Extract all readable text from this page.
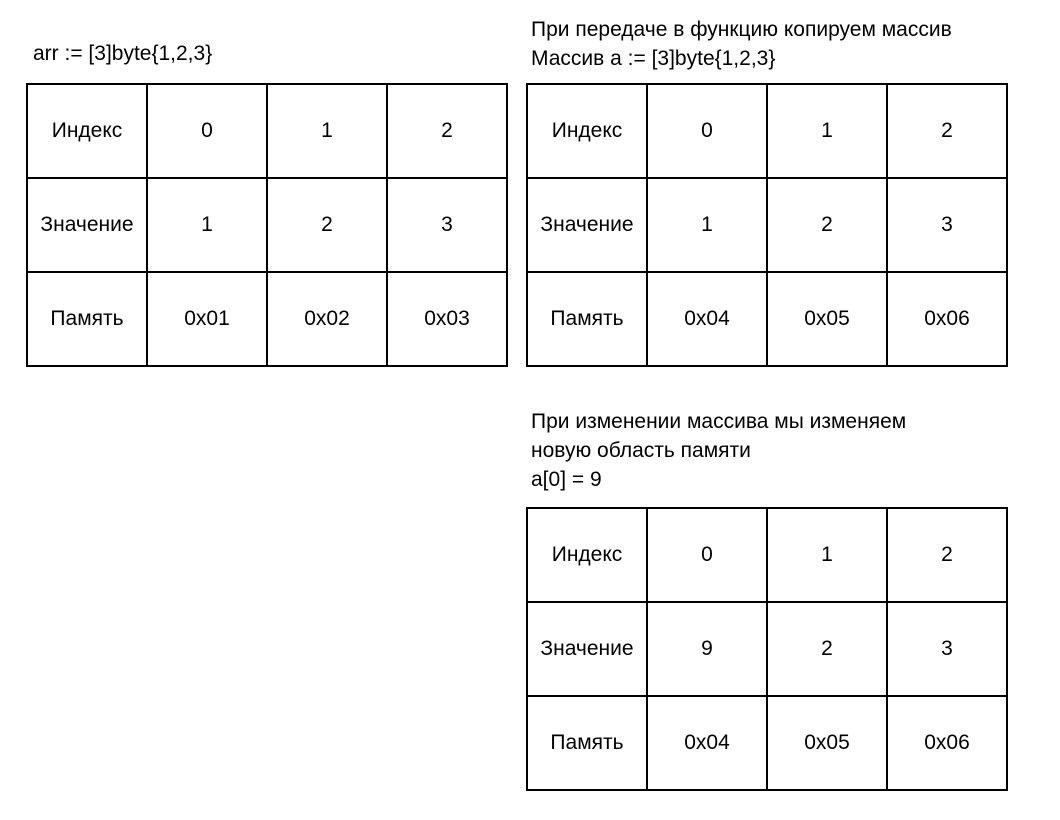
arr := [3]byte{1,2,3}
Индекс	0	1	2
Значение	1	2	3
Память	0x01	0x02	0x03
При передаче в функцию копируем массив
Массив a := [3]byte{1,2,3}
Индекс	0	1	2
Значение	1	2	3
Память	0x04	0x05	0x06
При изменении массива мы изменяем
новую область памяти
a[0] = 9
Индекс	0	1	2
Значение	9	2	3
Память	0x04	0x05	0x06
